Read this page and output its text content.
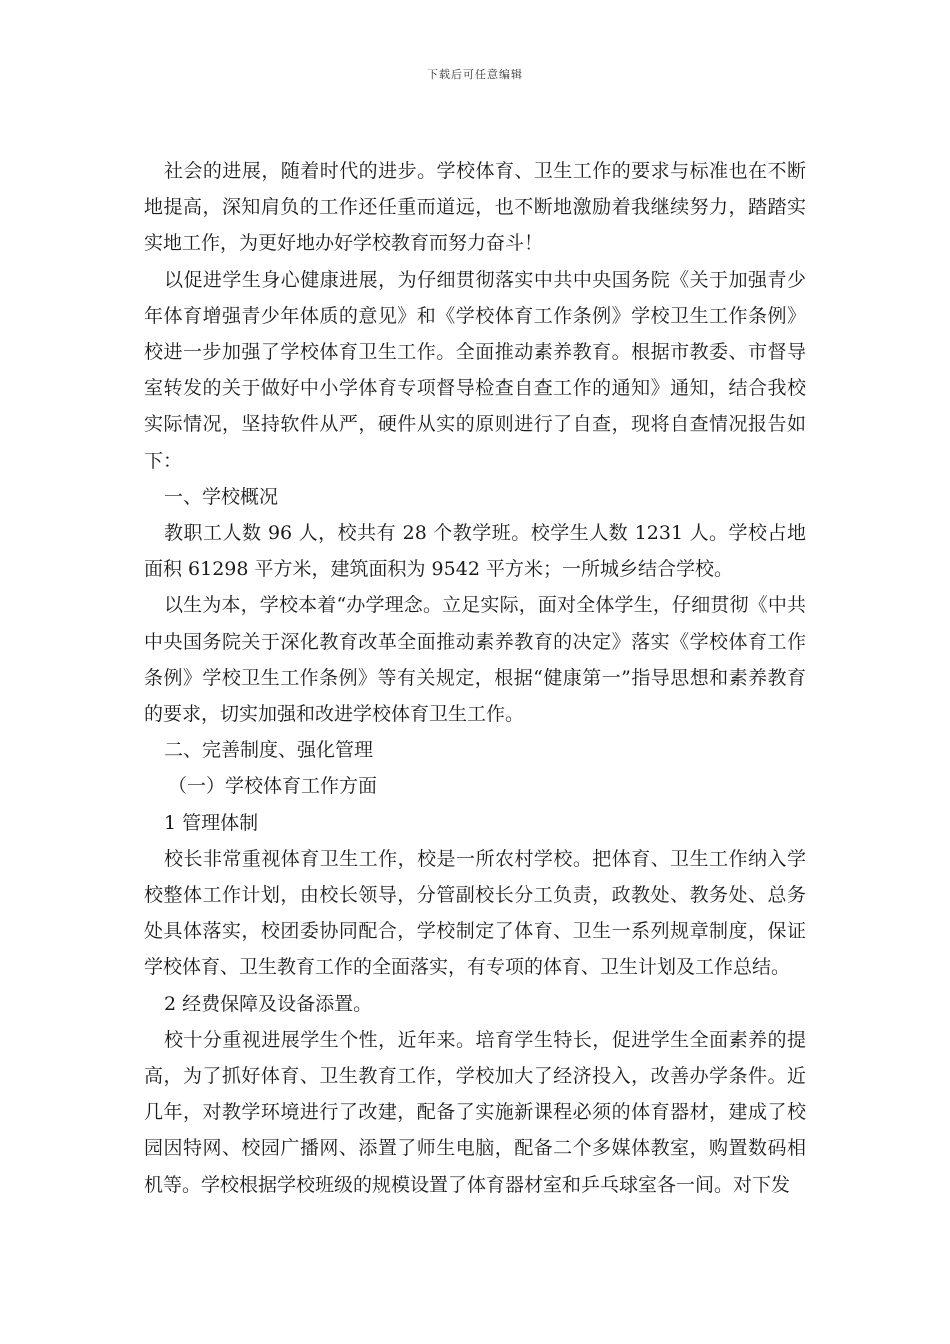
下载后可任意编辑

社会的进展，随着时代的进步。学校体育、卫生工作的要求与标准也在不断地提高，深知肩负的工作还任重而道远，也不断地激励着我继续努力，踏踏实实地工作，为更好地办好学校教育而努力奋斗！

以促进学生身心健康进展，为仔细贯彻落实中共中央国务院《关于加强青少年体育增强青少年体质的意见》和《学校体育工作条例》学校卫生工作条例》校进一步加强了学校体育卫生工作。全面推动素养教育。根据市教委、市督导室转发的关于做好中小学体育专项督导检查自查工作的通知》通知，结合我校实际情况，坚持软件从严，硬件从实的原则进行了自查，现将自查情况报告如下：

一、学校概况

教职工人数 96 人，校共有 28 个教学班。校学生人数 1231 人。学校占地面积 61298 平方米，建筑面积为 9542 平方米；一所城乡结合学校。

以生为本，学校本着“办学理念。立足实际，面对全体学生，仔细贯彻《中共中央国务院关于深化教育改革全面推动素养教育的决定》落实《学校体育工作条例》学校卫生工作条例》等有关规定，根据“健康第一”指导思想和素养教育的要求，切实加强和改进学校体育卫生工作。

二、完善制度、强化管理

（一）学校体育工作方面

1 管理体制

校长非常重视体育卫生工作，校是一所农村学校。把体育、卫生工作纳入学校整体工作计划，由校长领导，分管副校长分工负责，政教处、教务处、总务处具体落实，校团委协同配合，学校制定了体育、卫生一系列规章制度，保证学校体育、卫生教育工作的全面落实，有专项的体育、卫生计划及工作总结。

2 经费保障及设备添置。

校十分重视进展学生个性，近年来。培育学生特长，促进学生全面素养的提高，为了抓好体育、卫生教育工作，学校加大了经济投入，改善办学条件。近几年，对教学环境进行了改建，配备了实施新课程必须的体育器材，建成了校园因特网、校园广播网、添置了师生电脑，配备二个多媒体教室，购置数码相机等。学校根据学校班级的规模设置了体育器材室和乒乓球室各一间。对下发
